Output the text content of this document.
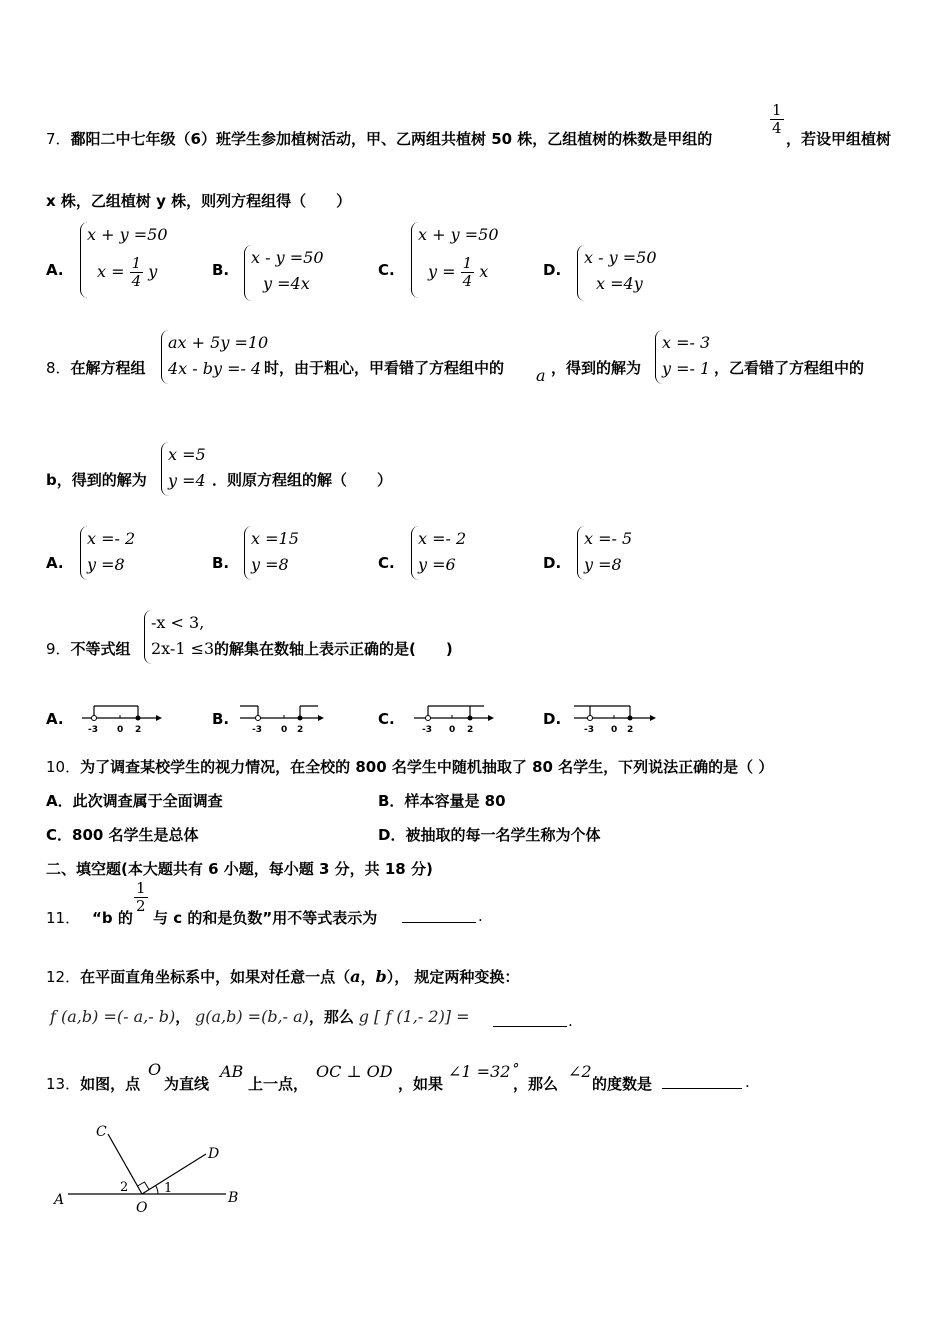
7．鄱阳二中七年级（6）班学生参加植树活动，甲、乙两组共植树 50 株，乙组植树的株数是甲组的
$\frac{1}{4}$
，若设甲组植树
x 株，乙组植树 y 株，则列方程组得（　　）
A.
x + y =50
$x = \frac{1}{4}$ y	B.
x - y =50
y =4x
C.
x + y =50
$y = \frac{1}{4}$ x	D.
x - y =50
x =4y
8．在解方程组
ax + 5y =10
4x - by =- 4 时，由于粗心，甲看错了方程组中的 a ，得到的解为
x =- 3
y =- 1 ，乙看错了方程组中的
b，得到的解为
x =5
y =4 ．则原方程组的解（　　）
A.
x =- 2
y =8	B.
x =15
y =8	C.
x =- 2
y =6	D.
x =- 5
y =8
9．不等式组
-x < 3,
2x-1 ≤3 的解集在数轴上表示正确的是(　　)
A.
-3 0 2
B.
-3 0 2
C.
-3 0 2
D.
-3 0 2
10．为了调查某校学生的视力情况，在全校的 800 名学生中随机抽取了 80 名学生，下列说法正确的是（ ）
A．此次调查属于全面调查	B．样本容量是 80
C．800 名学生是总体	D．被抽取的每一名学生称为个体
二、填空题(本大题共有 6 小题，每小题 3 分，共 18 分)
11． “b 的
$\frac{1}{2}$
与 c 的和是负数”用不等式表示为	.
12．在平面直角坐标系中，如果对任意一点（a，b）， 规定两种变换：
f (a,b) =(- a,- b)， g(a,b) =(b,- a)，那么 g [ f (1,- 2)] =	.
13．如图，点
O
为直线
AB
上一点，
OC ⊥ OD
，如果
∠1 =32˚
，那么
∠2
的度数是	.
A	B
C
D
O
1
2
